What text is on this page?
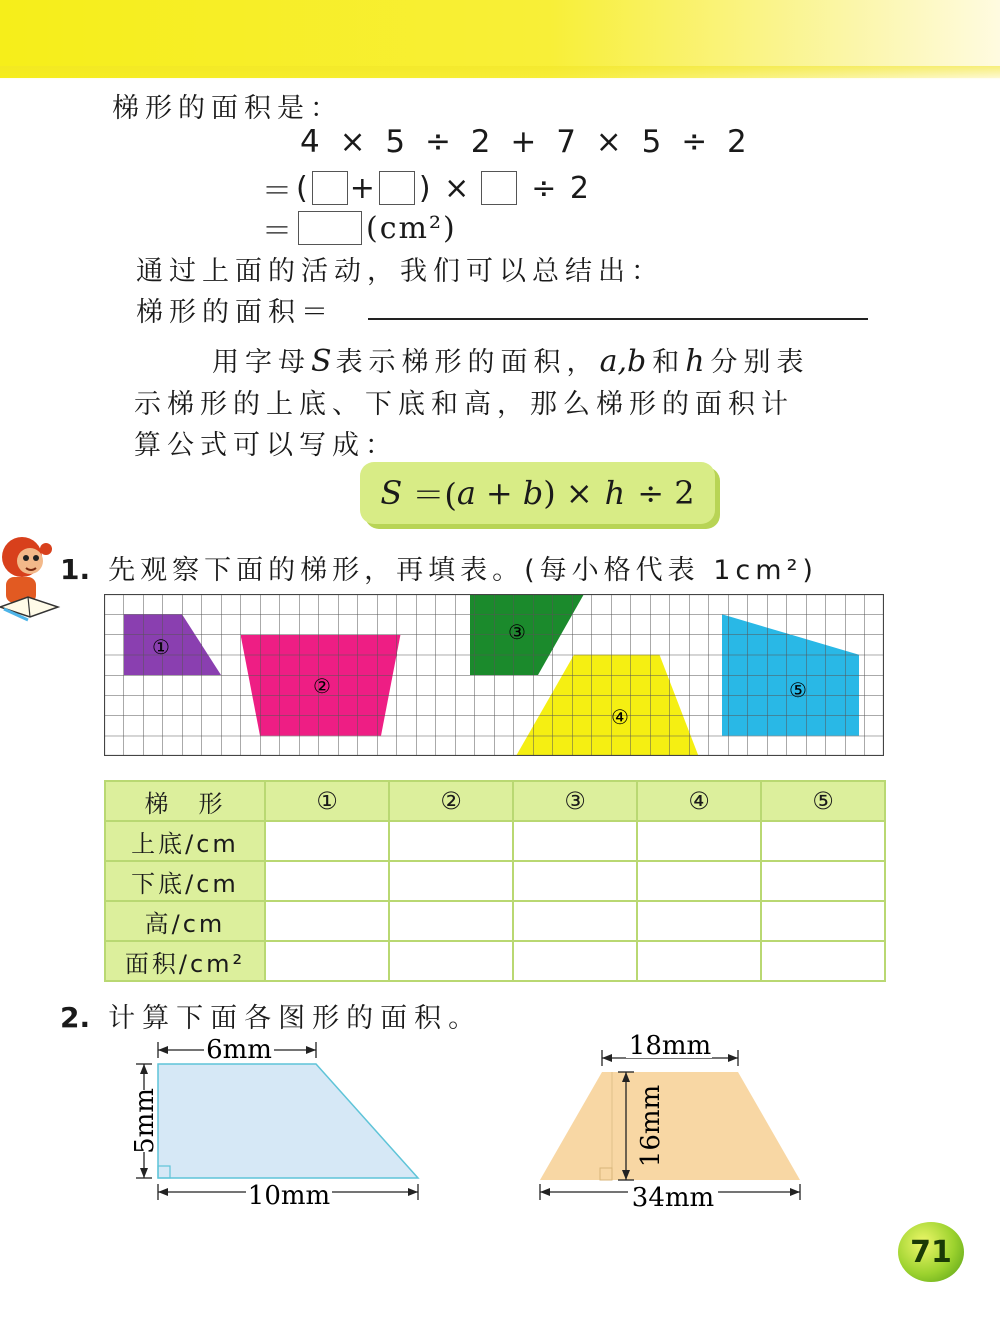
梯形的面积是：
4 × 5 ÷ 2 + 7 × 5 ÷ 2
＝ ( + ) × ÷ 2
＝ (cm²)
通过上面的活动，我们可以总结出：
梯形的面积＝
用字母 S 表示梯形的面积， a,b 和 h 分别表
示梯形的上底、下底和高，那么梯形的面积计
算公式可以写成：
S ＝( a + b ) × h ÷ 2
1. 先观察下面的梯形，再填表。(每小格代表 1cm²)
①
②
③
④
⑤
梯　形	①	②	③	④	⑤
上底/cm					
下底/cm					
高/cm					
面积/cm²					
2. 计算下面各图形的面积。
6mm
5mm
10mm
18mm
16mm
34mm
71
